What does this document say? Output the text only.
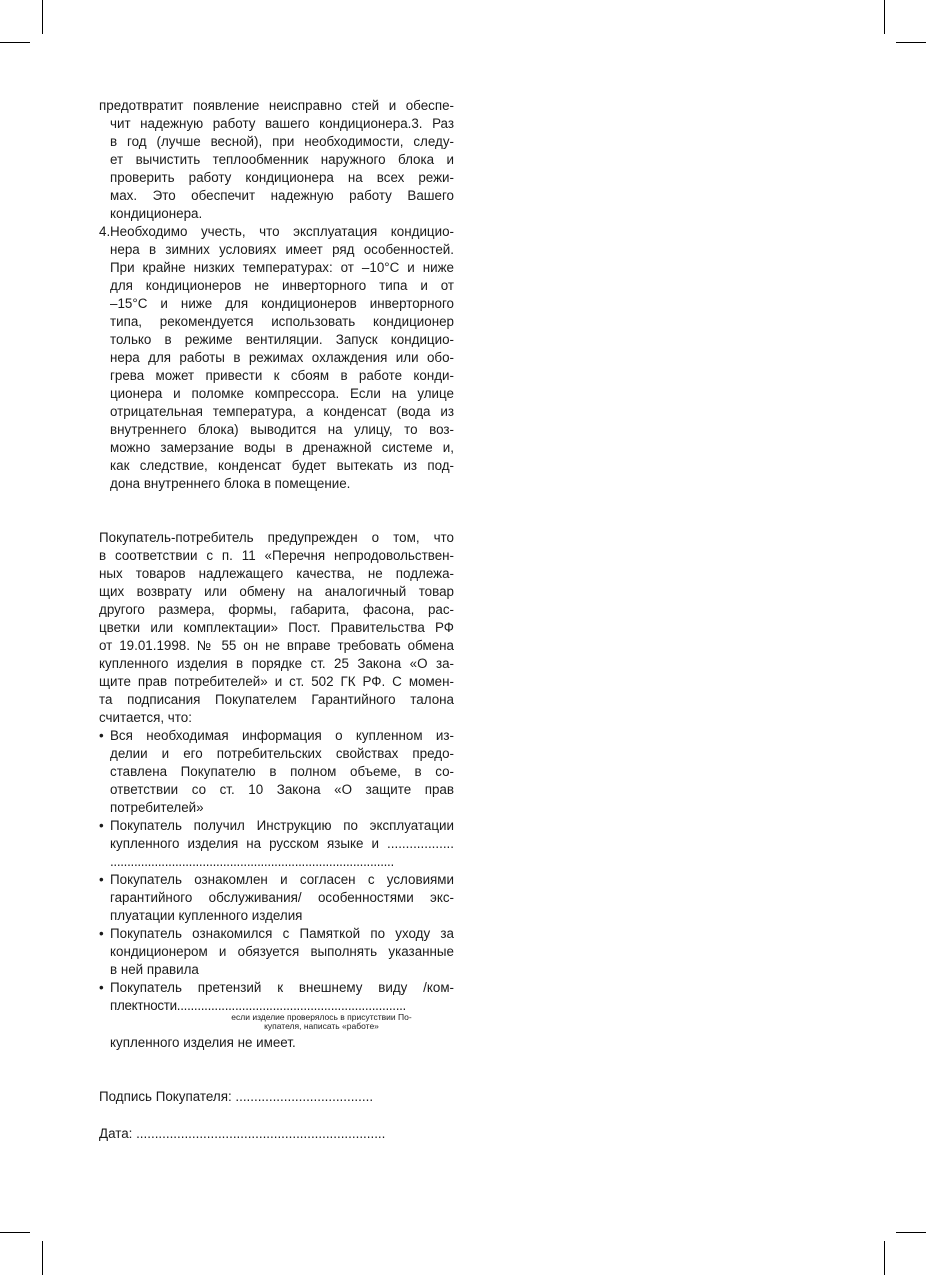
предотвратит появление неисправно стей и обеспе-
чит надежную работу вашего кондиционера.3. Раз
в год (лучше весной), при необходимости, следу-
ет вычистить теплообменник наружного блока и
проверить работу кондиционера на всех режи-
мах. Это обеспечит надежную работу Вашего
кондиционера.
4. Необходимо учесть, что эксплуатация кондицио-
нера в зимних условиях имеет ряд особенностей.
При крайне низких температурах: от –10°С и ниже
для кондиционеров не инверторного типа и от
–15°С и ниже для кондиционеров инверторного
типа, рекомендуется использовать кондиционер
только в режиме вентиляции. Запуск кондицио-
нера для работы в режимах охлаждения или обо-
грева может привести к сбоям в работе конди-
ционера и поломке компрессора. Если на улице
отрицательная температура, а конденсат (вода из
внутреннего блока) выводится на улицу, то воз-
можно замерзание воды в дренажной системе и,
как следствие, конденсат будет вытекать из под-
дона внутреннего блока в помещение.
Покупатель-потребитель предупрежден о том, что
в соответствии с п. 11 «Перечня непродовольствен-
ных товаров надлежащего качества, не подлежа-
щих возврату или обмену на аналогичный товар
другого размера, формы, габарита, фасона, рас-
цветки или комплектации» Пост. Правительства РФ
от 19.01.1998. № 55 он не вправе требовать обмена
купленного изделия в порядке ст. 25 Закона «О за-
щите прав потребителей» и ст. 502 ГК РФ. С момен-
та подписания Покупателем Гарантийного талона
считается, что:
• Вся необходимая информация о купленном из-
делии и его потребительских свойствах предо-
ставлена Покупателю в полном объеме, в со-
ответствии со ст. 10 Закона «О защите прав
потребителей»
• Покупатель получил Инструкцию по эксплуатации
купленного изделия на русском языке и ..................
...................................................................................
• Покупатель ознакомлен и согласен с условиями
гарантийного обслуживания/ особенностями экс-
плуатации купленного изделия
• Покупатель ознакомился с Памяткой по уходу за
кондиционером и обязуется выполнять указанные
в ней правила
• Покупатель претензий к внешнему виду /ком-
плектности...................................................................
если изделие проверялось в присутствии По-
купателя, написать «работе»
купленного изделия не имеет.
Подпись Покупателя: .....................................
Дата: ...................................................................
